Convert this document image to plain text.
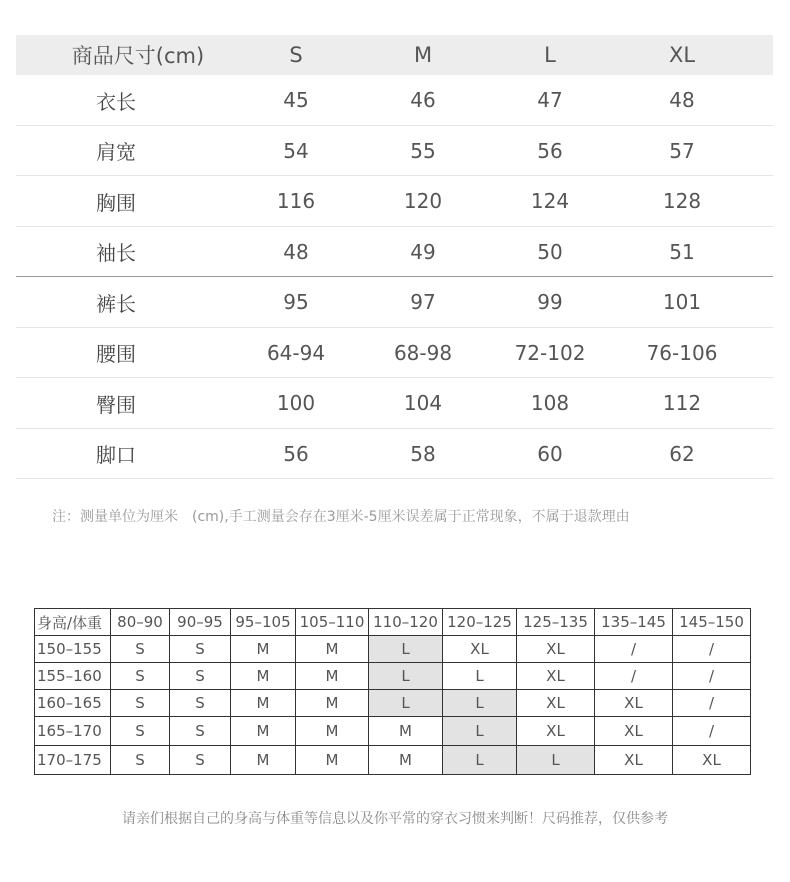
商品尺寸(cm)	S	M	L	XL
衣长	45	46	47	48
肩宽	54	55	56	57
胸围	116	120	124	128
袖长	48	49	50	51
裤长	95	97	99	101
腰围	64-94	68-98	72-102	76-106
臀围	100	104	108	112
脚口	56	58	60	62
注：测量单位为厘米　(cm),手工测量会存在3厘米-5厘米误差属于正常现象，不属于退款理由
身高/体重	80–90	90–95	95–105	105–110	110–120	120–125	125–135	135–145	145–150
150–155	S	S	M	M	L	XL	XL	/	/
155–160	S	S	M	M	L	L	XL	/	/
160–165	S	S	M	M	L	L	XL	XL	/
165–170	S	S	M	M	M	L	XL	XL	/
170–175	S	S	M	M	M	L	L	XL	XL
请亲们根据自己的身高与体重等信息以及你平常的穿衣习惯来判断！尺码推荐，仅供参考
